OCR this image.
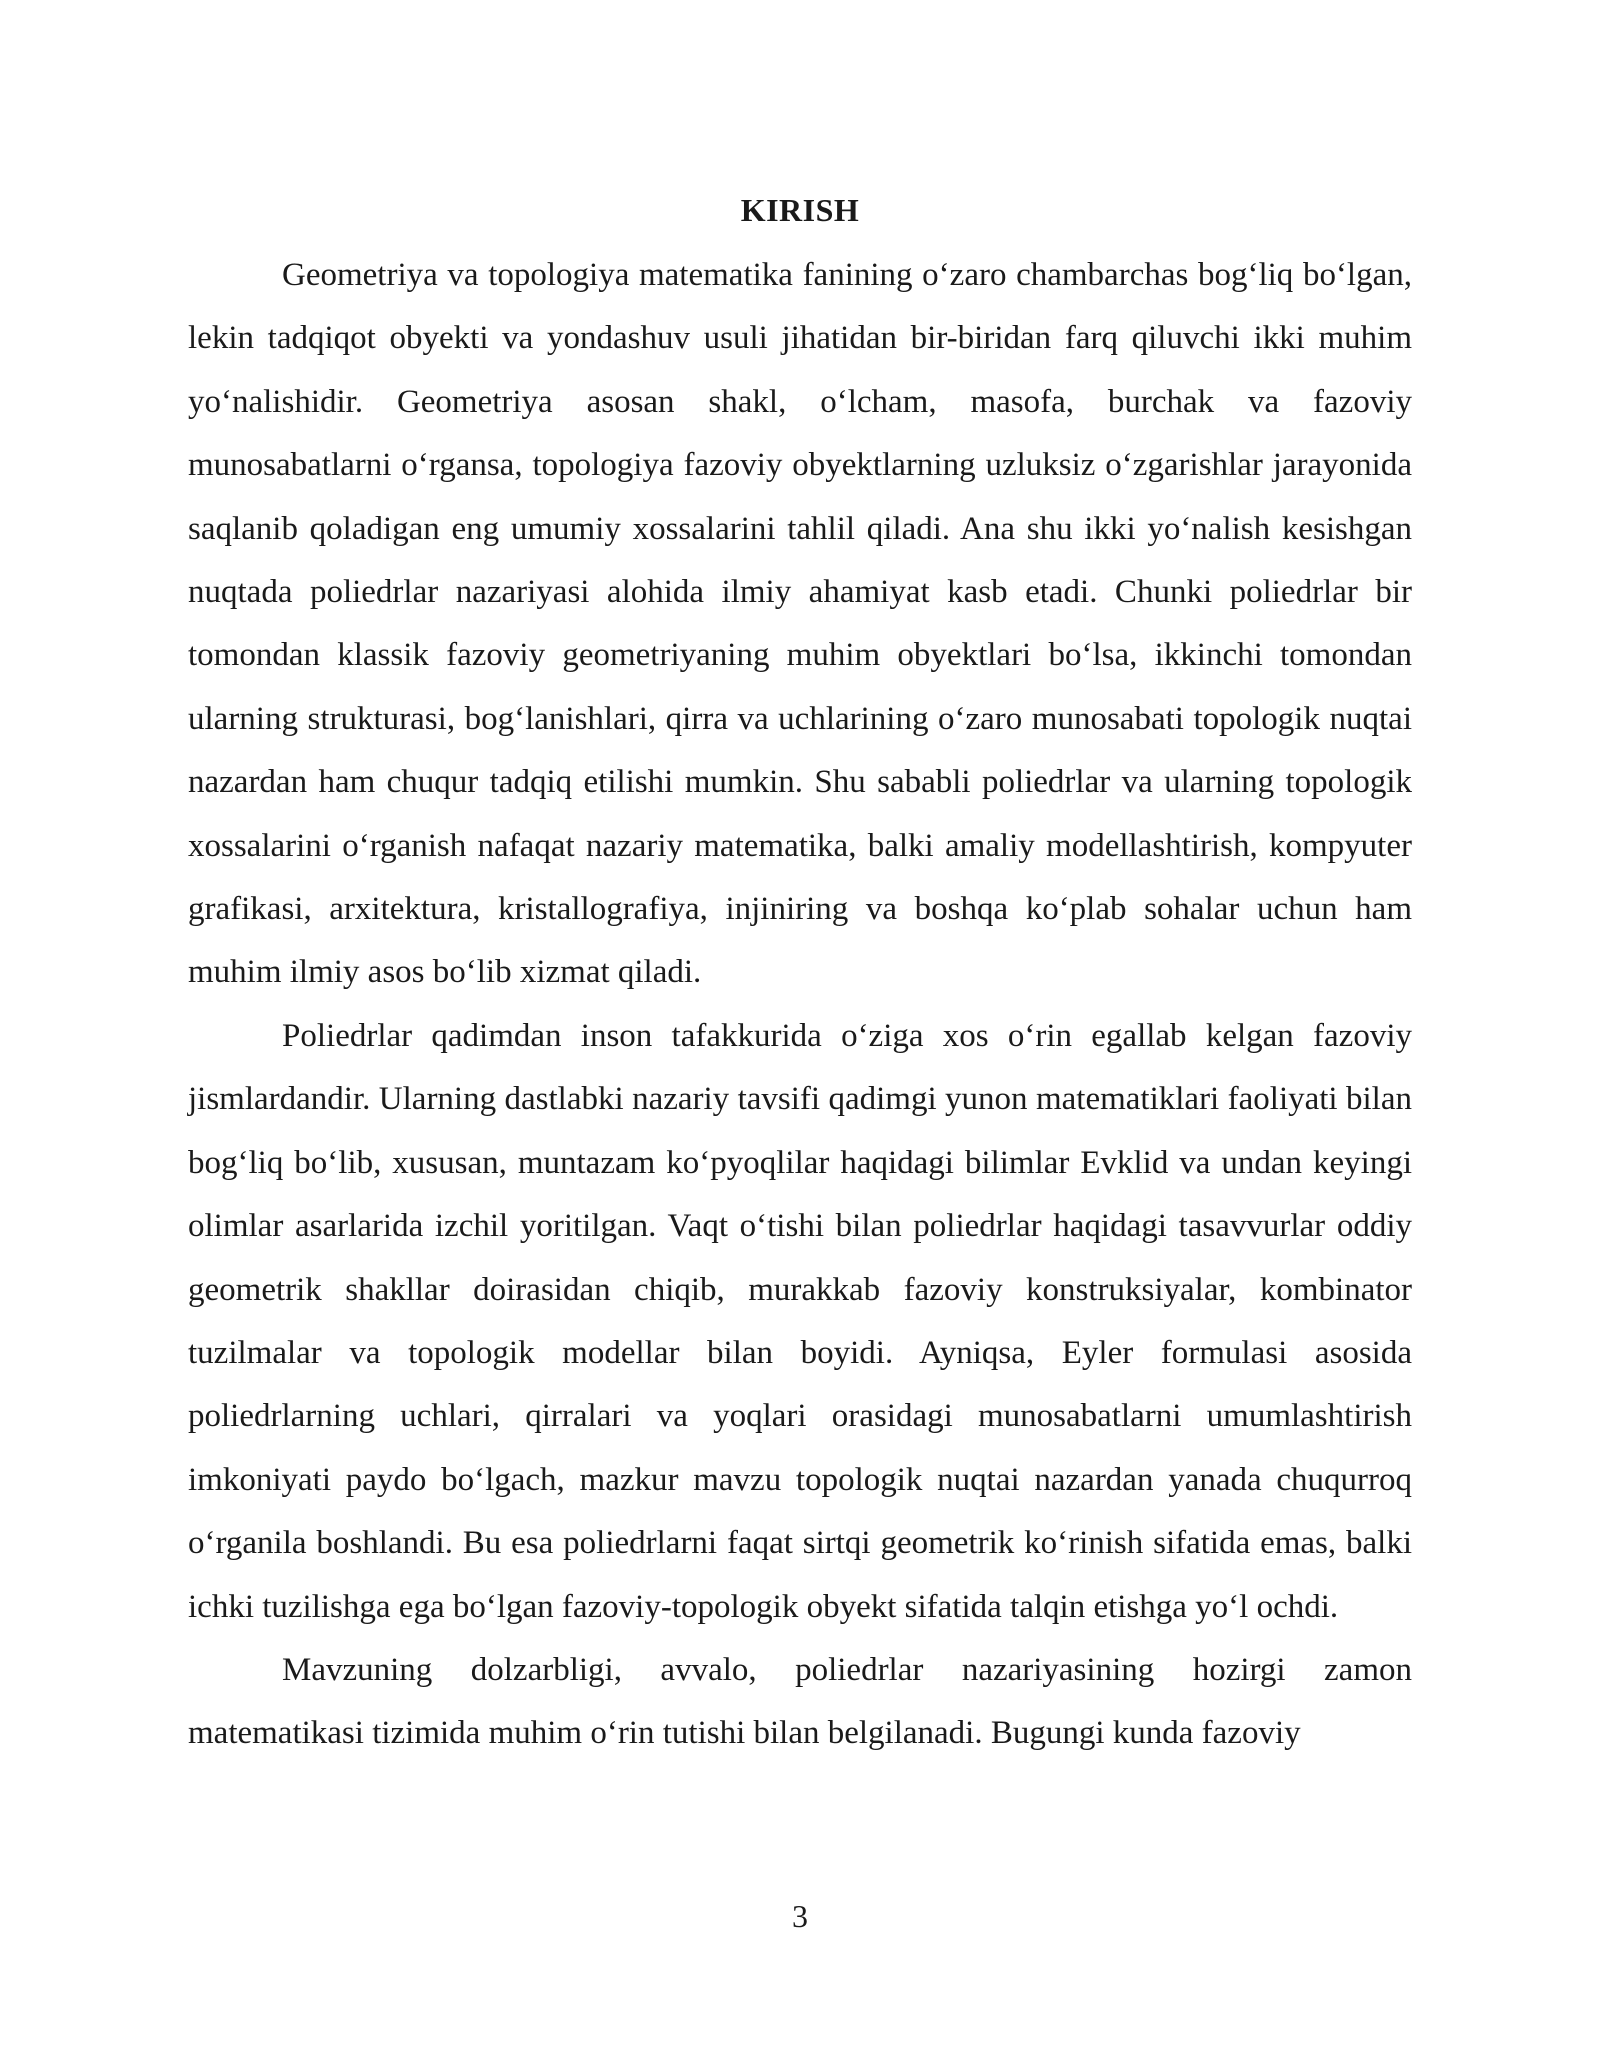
KIRISH

Geometriya va topologiya matematika fanining o‘zaro chambarchas bog‘liq bo‘lgan, lekin tadqiqot obyekti va yondashuv usuli jihatidan bir-biridan farq qiluvchi ikki muhim yo‘nalishidir. Geometriya asosan shakl, o‘lcham, masofa, burchak va fazoviy munosabatlarni o‘rgansa, topologiya fazoviy obyektlarning uzluksiz o‘zgarishlar jarayonida saqlanib qoladigan eng umumiy xossalarini tahlil qiladi. Ana shu ikki yo‘nalish kesishgan nuqtada poliedrlar nazariyasi alohida ilmiy ahamiyat kasb etadi. Chunki poliedrlar bir tomondan klassik fazoviy geometriyaning muhim obyektlari bo‘lsa, ikkinchi tomondan ularning strukturasi, bog‘lanishlari, qirra va uchlarining o‘zaro munosabati topologik nuqtai nazardan ham chuqur tadqiq etilishi mumkin. Shu sababli poliedrlar va ularning topologik xossalarini o‘rganish nafaqat nazariy matematika, balki amaliy modellashtirish, kompyuter grafikasi, arxitektura, kristallografiya, injiniring va boshqa ko‘plab sohalar uchun ham muhim ilmiy asos bo‘lib xizmat qiladi.

Poliedrlar qadimdan inson tafakkurida o‘ziga xos o‘rin egallab kelgan fazoviy jismlardandir. Ularning dastlabki nazariy tavsifi qadimgi yunon matematiklari faoliyati bilan bog‘liq bo‘lib, xususan, muntazam ko‘pyoqlilar haqidagi bilimlar Evklid va undan keyingi olimlar asarlarida izchil yoritilgan. Vaqt o‘tishi bilan poliedrlar haqidagi tasavvurlar oddiy geometrik shakllar doirasidan chiqib, murakkab fazoviy konstruksiyalar, kombinator tuzilmalar va topologik modellar bilan boyidi. Ayniqsa, Eyler formulasi asosida poliedrlarning uchlari, qirralari va yoqlari orasidagi munosabatlarni umumlashtirish imkoniyati paydo bo‘lgach, mazkur mavzu topologik nuqtai nazardan yanada chuqurroq o‘rganila boshlandi. Bu esa poliedrlarni faqat sirtqi geometrik ko‘rinish sifatida emas, balki ichki tuzilishga ega bo‘lgan fazoviy-topologik obyekt sifatida talqin etishga yo‘l ochdi.

Mavzuning dolzarbligi, avvalo, poliedrlar nazariyasining hozirgi zamon matematikasi tizimida muhim o‘rin tutishi bilan belgilanadi. Bugungi kunda fazoviy

3
